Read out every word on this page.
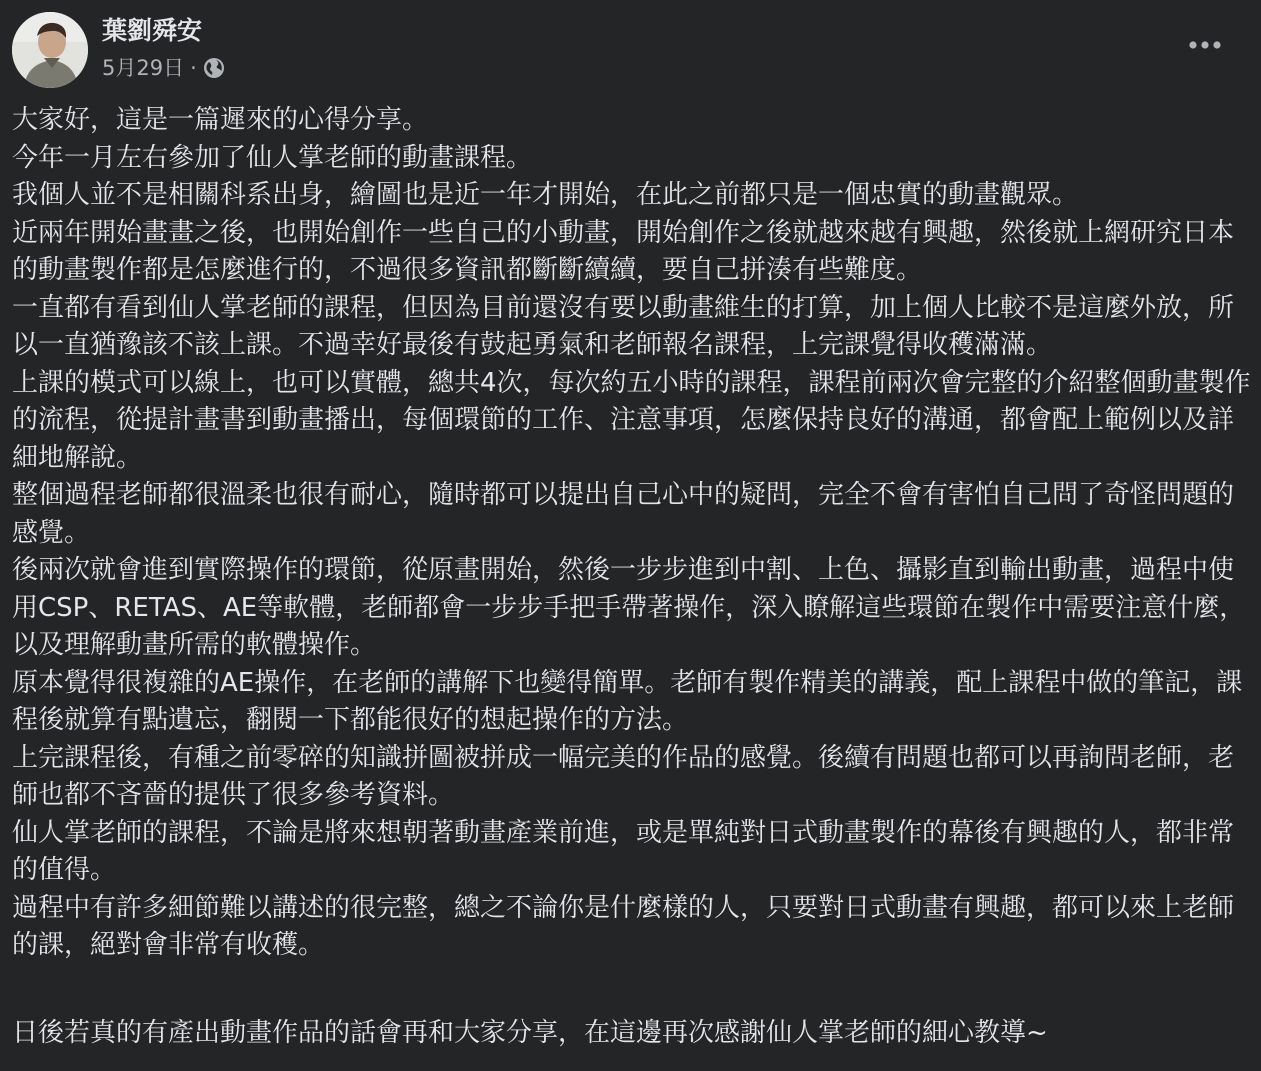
葉劉舜安
5月29日 ·

大家好，這是一篇遲來的心得分享。

今年一月左右參加了仙人掌老師的動畫課程。

我個人並不是相關科系出身，繪圖也是近一年才開始，在此之前都只是一個忠實的動畫觀眾。

近兩年開始畫畫之後，也開始創作一些自己的小動畫，開始創作之後就越來越有興趣，然後就上網研究日本的動畫製作都是怎麼進行的，不過很多資訊都斷斷續續，要自己拼湊有些難度。

一直都有看到仙人掌老師的課程，但因為目前還沒有要以動畫維生的打算，加上個人比較不是這麼外放，所以一直猶豫該不該上課。不過幸好最後有鼓起勇氣和老師報名課程，上完課覺得收穫滿滿。

上課的模式可以線上，也可以實體，總共4次，每次約五小時的課程，課程前兩次會完整的介紹整個動畫製作的流程，從提計畫書到動畫播出，每個環節的工作、注意事項，怎麼保持良好的溝通，都會配上範例以及詳細地解說。

整個過程老師都很溫柔也很有耐心，隨時都可以提出自己心中的疑問，完全不會有害怕自己問了奇怪問題的感覺。

後兩次就會進到實際操作的環節，從原畫開始，然後一步步進到中割、上色、攝影直到輸出動畫，過程中使用CSP、RETAS、AE等軟體，老師都會一步步手把手帶著操作，深入瞭解這些環節在製作中需要注意什麼，以及理解動畫所需的軟體操作。

原本覺得很複雜的AE操作，在老師的講解下也變得簡單。老師有製作精美的講義，配上課程中做的筆記，課程後就算有點遺忘，翻閱一下都能很好的想起操作的方法。

上完課程後，有種之前零碎的知識拼圖被拼成一幅完美的作品的感覺。後續有問題也都可以再詢問老師，老師也都不吝嗇的提供了很多參考資料。

仙人掌老師的課程，不論是將來想朝著動畫產業前進，或是單純對日式動畫製作的幕後有興趣的人，都非常的值得。

過程中有許多細節難以講述的很完整，總之不論你是什麼樣的人，只要對日式動畫有興趣，都可以來上老師的課，絕對會非常有收穫。

日後若真的有產出動畫作品的話會再和大家分享，在這邊再次感謝仙人掌老師的細心教導~
